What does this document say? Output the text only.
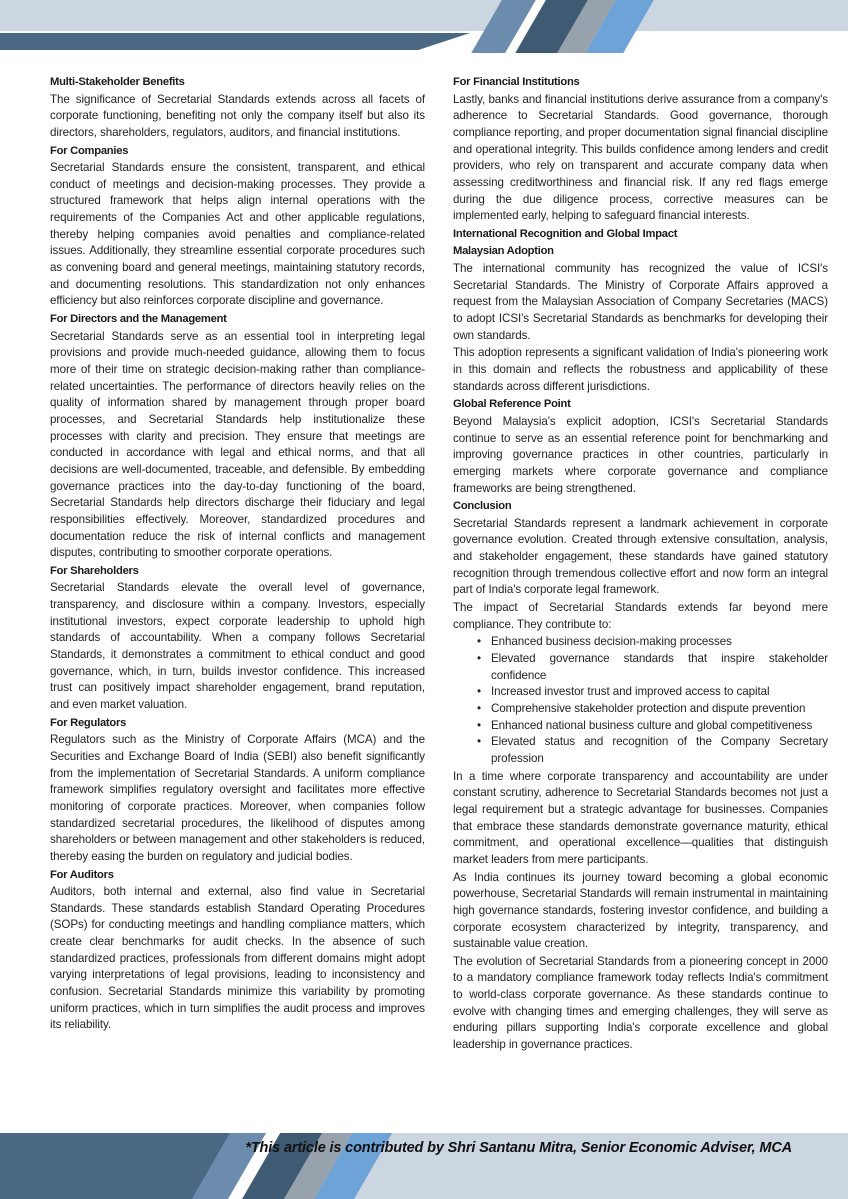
Multi-Stakeholder Benefits

The significance of Secretarial Standards extends across all facets of corporate functioning, benefiting not only the company itself but also its directors, shareholders, regulators, auditors, and financial institutions.

For Companies

Secretarial Standards ensure the consistent, transparent, and ethical conduct of meetings and decision-making processes. They provide a structured framework that helps align internal operations with the requirements of the Companies Act and other applicable regulations, thereby helping companies avoid penalties and compliance-related issues. Additionally, they streamline essential corporate procedures such as convening board and general meetings, maintaining statutory records, and documenting resolutions. This standardization not only enhances efficiency but also reinforces corporate discipline and governance.

For Directors and the Management

Secretarial Standards serve as an essential tool in interpreting legal provisions and provide much-needed guidance, allowing them to focus more of their time on strategic decision-making rather than compliance-related uncertainties. The performance of directors heavily relies on the quality of information shared by management through proper board processes, and Secretarial Standards help institutionalize these processes with clarity and precision. They ensure that meetings are conducted in accordance with legal and ethical norms, and that all decisions are well-documented, traceable, and defensible. By embedding governance practices into the day-to-day functioning of the board, Secretarial Standards help directors discharge their fiduciary and legal responsibilities effectively. Moreover, standardized procedures and documentation reduce the risk of internal conflicts and management disputes, contributing to smoother corporate operations.

For Shareholders

Secretarial Standards elevate the overall level of governance, transparency, and disclosure within a company. Investors, especially institutional investors, expect corporate leadership to uphold high standards of accountability. When a company follows Secretarial Standards, it demonstrates a commitment to ethical conduct and good governance, which, in turn, builds investor confidence. This increased trust can positively impact shareholder engagement, brand reputation, and even market valuation.

For Regulators

Regulators such as the Ministry of Corporate Affairs (MCA) and the Securities and Exchange Board of India (SEBI) also benefit significantly from the implementation of Secretarial Standards. A uniform compliance framework simplifies regulatory oversight and facilitates more effective monitoring of corporate practices. Moreover, when companies follow standardized secretarial procedures, the likelihood of disputes among shareholders or between management and other stakeholders is reduced, thereby easing the burden on regulatory and judicial bodies.

For Auditors

Auditors, both internal and external, also find value in Secretarial Standards. These standards establish Standard Operating Procedures (SOPs) for conducting meetings and handling compliance matters, which create clear benchmarks for audit checks. In the absence of such standardized practices, professionals from different domains might adopt varying interpretations of legal provisions, leading to inconsistency and confusion. Secretarial Standards minimize this variability by promoting uniform practices, which in turn simplifies the audit process and improves its reliability.

For Financial Institutions

Lastly, banks and financial institutions derive assurance from a company's adherence to Secretarial Standards. Good governance, thorough compliance reporting, and proper documentation signal financial discipline and operational integrity. This builds confidence among lenders and credit providers, who rely on transparent and accurate company data when assessing creditworthiness and financial risk. If any red flags emerge during the due diligence process, corrective measures can be implemented early, helping to safeguard financial interests.

International Recognition and Global Impact
Malaysian Adoption

The international community has recognized the value of ICSI's Secretarial Standards. The Ministry of Corporate Affairs approved a request from the Malaysian Association of Company Secretaries (MACS) to adopt ICSI's Secretarial Standards as benchmarks for developing their own standards.

This adoption represents a significant validation of India's pioneering work in this domain and reflects the robustness and applicability of these standards across different jurisdictions.

Global Reference Point

Beyond Malaysia's explicit adoption, ICSI's Secretarial Standards continue to serve as an essential reference point for benchmarking and improving governance practices in other countries, particularly in emerging markets where corporate governance and compliance frameworks are being strengthened.

Conclusion

Secretarial Standards represent a landmark achievement in corporate governance evolution. Created through extensive consultation, analysis, and stakeholder engagement, these standards have gained statutory recognition through tremendous collective effort and now form an integral part of India's corporate legal framework.

The impact of Secretarial Standards extends far beyond mere compliance. They contribute to:

• Enhanced business decision-making processes
• Elevated governance standards that inspire stakeholder confidence
• Increased investor trust and improved access to capital
• Comprehensive stakeholder protection and dispute prevention
• Enhanced national business culture and global competitiveness
• Elevated status and recognition of the Company Secretary profession

In a time where corporate transparency and accountability are under constant scrutiny, adherence to Secretarial Standards becomes not just a legal requirement but a strategic advantage for businesses. Companies that embrace these standards demonstrate governance maturity, ethical commitment, and operational excellence—qualities that distinguish market leaders from mere participants.

As India continues its journey toward becoming a global economic powerhouse, Secretarial Standards will remain instrumental in maintaining high governance standards, fostering investor confidence, and building a corporate ecosystem characterized by integrity, transparency, and sustainable value creation.

The evolution of Secretarial Standards from a pioneering concept in 2000 to a mandatory compliance framework today reflects India's commitment to world-class corporate governance. As these standards continue to evolve with changing times and emerging challenges, they will serve as enduring pillars supporting India's corporate excellence and global leadership in governance practices.

*This article is contributed by Shri Santanu Mitra, Senior Economic Adviser, MCA
